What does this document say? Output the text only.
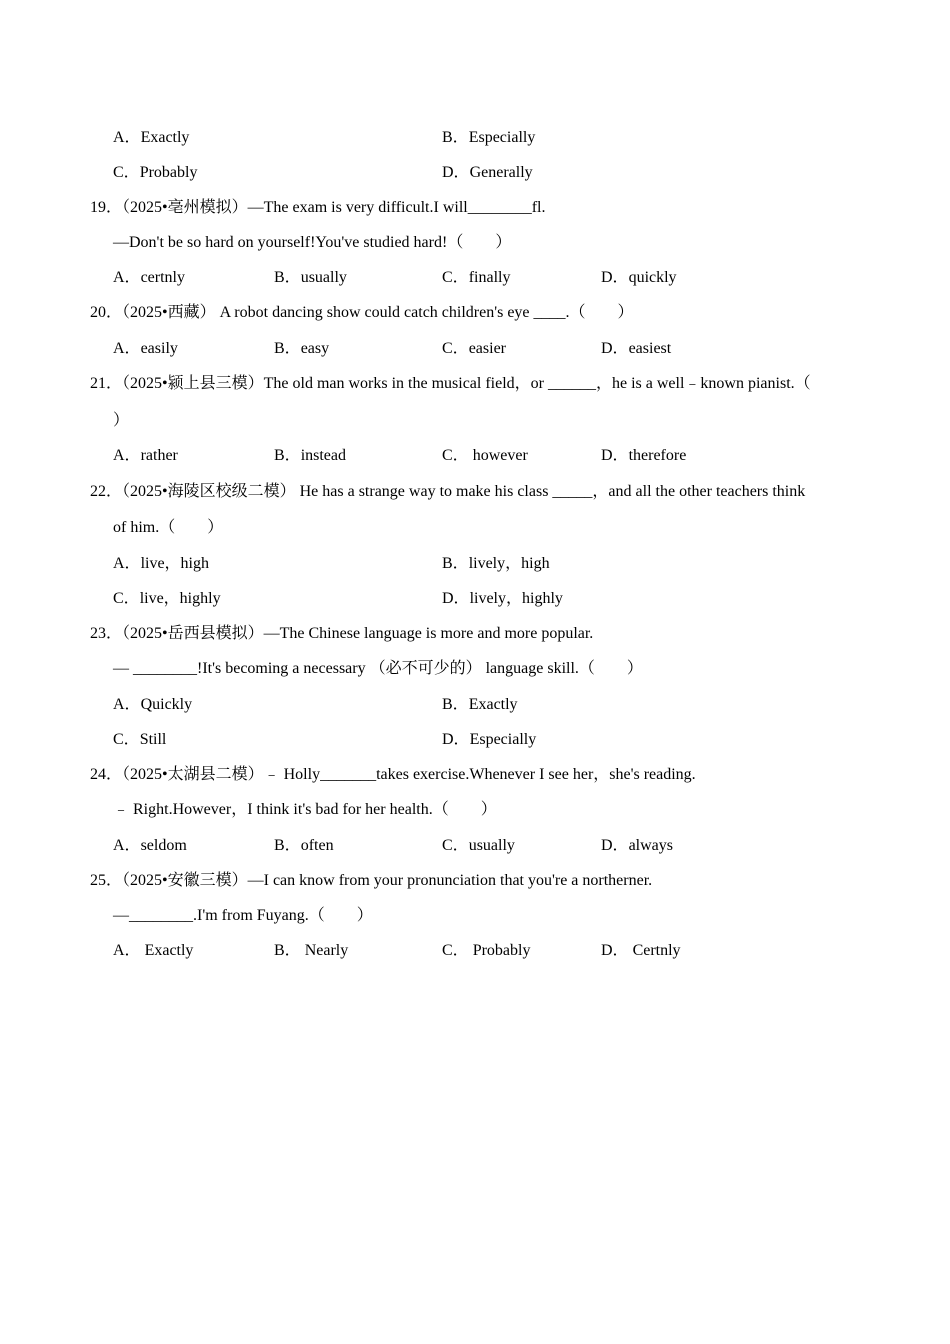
A．Exactly	B．Especially
C．Probably	D．Generally
19．（2025•亳州模拟）—The exam is very difficult.I will________fl.
—Don't be so hard on yourself!You've studied hard!（　　）
A．certnly	B．usually	C．finally	D．quickly
20．（2025•西藏） A robot dancing show could catch children's eye ____.（　　）
A．easily	B．easy	C．easier	D．easiest
21．（2025•颍上县三模）The old man works in the musical field，or ______，he is a well﹣known pianist.（
）
A．rather	B．instead	C． however	D．therefore
22．（2025•海陵区校级二模） He has a strange way to make his class _____，and all the other teachers think
of him.（　　）
A．live，high	B．lively，high
C．live，highly	D．lively，highly
23．（2025•岳西县模拟）—The Chinese language is more and more popular.
— ________!It's becoming a necessary （必不可少的） language skill.（　　）
A．Quickly	B．Exactly
C．Still	D．Especially
24．（2025•太湖县二模）﹣ Holly_______takes exercise.Whenever I see her，she's reading.
﹣ Right.However，I think it's bad for her health.（　　）
A．seldom	B．often	C．usually	D．always
25．（2025•安徽三模）—I can know from your pronunciation that you're a northerner.
—________.I'm from Fuyang.（　　）
A． Exactly	B． Nearly	C． Probably	D． Certnly
